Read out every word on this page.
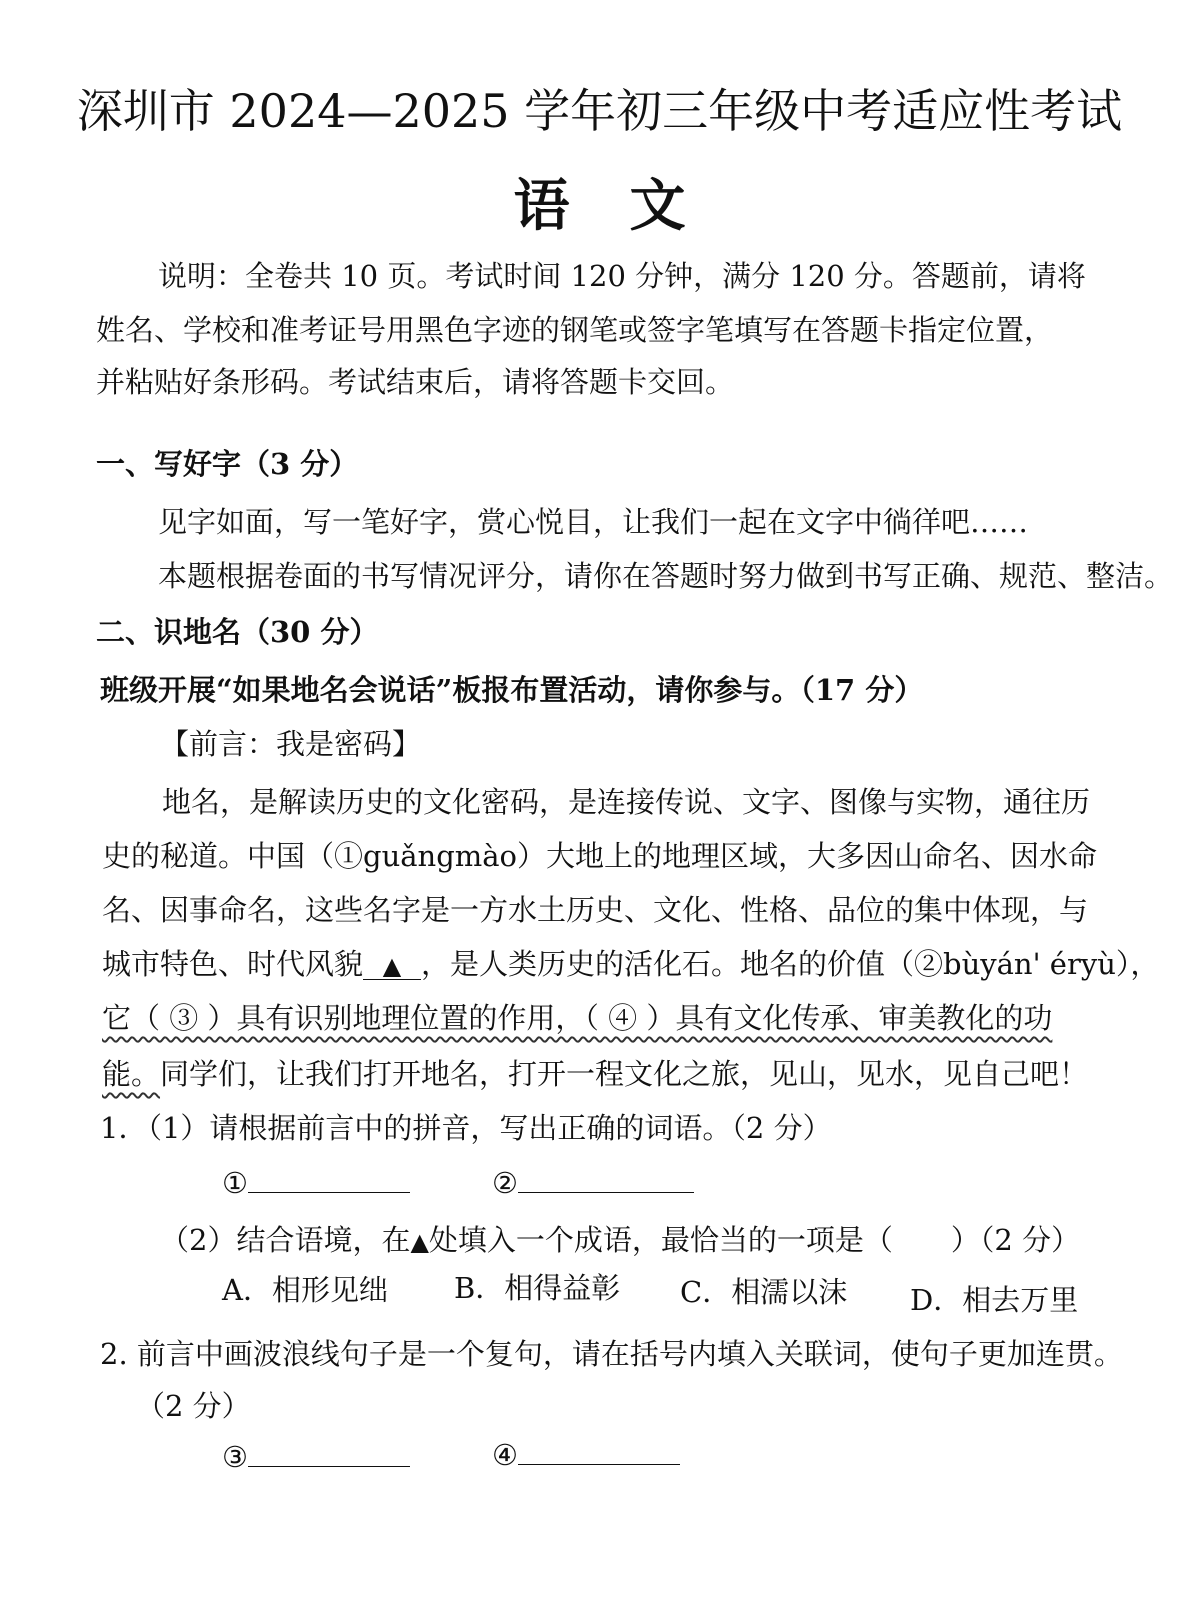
深圳市 2024—2025 学年初三年级中考适应性考试
语文
说明：全卷共 10 页。考试时间 120 分钟，满分 120 分。答题前，请将
姓名、学校和准考证号用黑色字迹的钢笔或签字笔填写在答题卡指定位置，
并粘贴好条形码。考试结束后，请将答题卡交回。
一、写好字（3 分）
见字如面，写一笔好字，赏心悦目，让我们一起在文字中徜徉吧……
本题根据卷面的书写情况评分，请你在答题时努力做到书写正确、规范、整洁。
二、识地名（30 分）
班级开展“如果地名会说话”板报布置活动，请你参与。（17 分）
【前言：我是密码】
地名，是解读历史的文化密码，是连接传说、文字、图像与实物，通往历
史的秘道。中国（①guǎngmào）大地上的地理区域，大多因山命名、因水命
名、因事命名，这些名字是一方水土历史、文化、性格、品位的集中体现，与
城市特色、时代风貌 ▲ ，是人类历史的活化石。地名的价值（②bùyán' éryù），
它（ ③ ）具有识别地理位置的作用，（ ④ ）具有文化传承、审美教化的功
能。同学们，让我们打开地名，打开一程文化之旅，见山，见水，见自己吧！
1．（1）请根据前言中的拼音，写出正确的词语。（2 分）
①	②
（2）结合语境，在▲处填入一个成语，最恰当的一项是（　　）（2 分）
A．相形见绌 B．相得益彰 C．相濡以沫 D．相去万里
2. 前言中画波浪线句子是一个复句，请在括号内填入关联词，使句子更加连贯。
（2 分）
③	④
